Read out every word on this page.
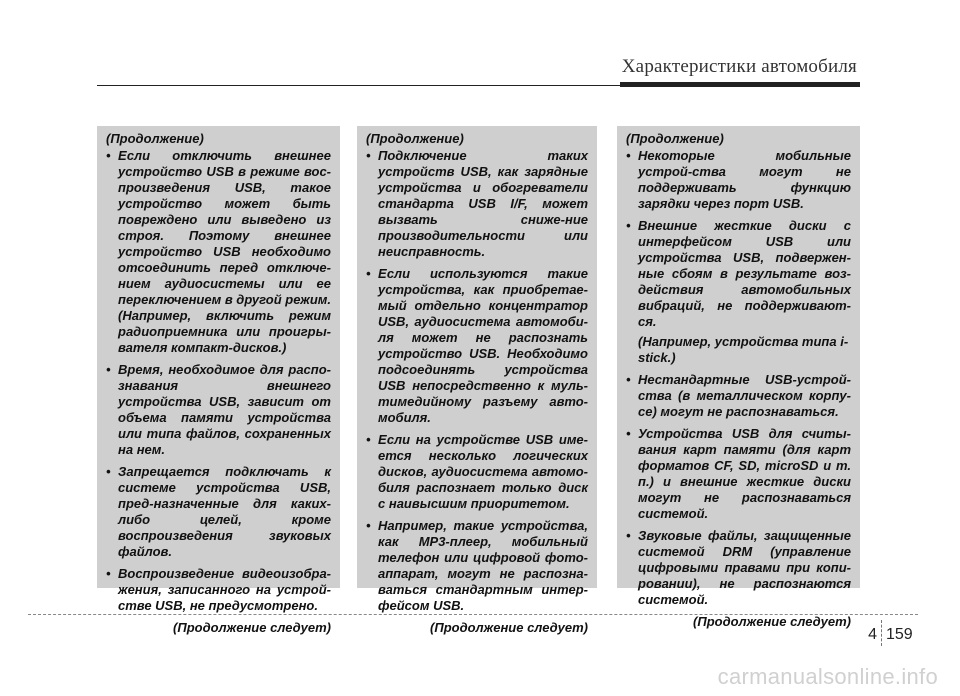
Характеристики автомобиля
(Продолжение)
• Если отключить внешнее устройство USB в режиме вос-произведения USB, такое устройство может быть повреждено или выведено из строя. Поэтому внешнее устройство USB необходимо отсоединить перед отключе-нием аудиосистемы или ее переключением в другой режим. (Например, включить режим радиоприемника или проигры-вателя компакт-дисков.)
• Время, необходимое для распо-знавания внешнего устройства USB, зависит от объема памяти устройства или типа файлов, сохраненных на нем.
• Запрещается подключать к системе устройства USB, пред-назначенные для каких-либо целей, кроме воспроизведения звуковых файлов.
• Воспроизведение видеоизобра-жения, записанного на устрой-стве USB, не предусмотрено.
(Продолжение следует)
(Продолжение)
• Подключение таких устройств USB, как зарядные устройства и обогреватели стандарта USB I/F, может вызвать сниже-ние производительности или неисправность.
• Если используются такие устройства, как приобретае-мый отдельно концентратор USB, аудиосистема автомоби-ля может не распознать устройство USB. Необходимо подсоединять устройства USB непосредственно к муль-тимедийному разъему авто-мобиля.
• Если на устройстве USB име-ется несколько логических дисков, аудиосистема автомо-биля распознает только диск с наивысшим приоритетом.
• Например, такие устройства, как MP3-плеер, мобильный телефон или цифровой фото-аппарат, могут не распозна-ваться стандартным интер-фейсом USB.
(Продолжение следует)
(Продолжение)
• Некоторые мобильные устрой-ства могут не поддерживать функцию зарядки через порт USB.
• Внешние жесткие диски с интерфейсом USB или устройства USB, подвержен-ные сбоям в результате воз-действия автомобильных вибраций, не поддерживают-ся.
(Например, устройства типа i-stick.)
• Нестандартные USB-устрой-ства (в металлическом корпу-се) могут не распознаваться.
• Устройства USB для считы-вания карт памяти (для карт форматов CF, SD, microSD и т. п.) и внешние жесткие диски могут не распознаваться системой.
• Звуковые файлы, защищенные системой DRM (управление цифровыми правами при копи-ровании), не распознаются системой.
(Продолжение следует)
4 159
carmanualsonline.info
